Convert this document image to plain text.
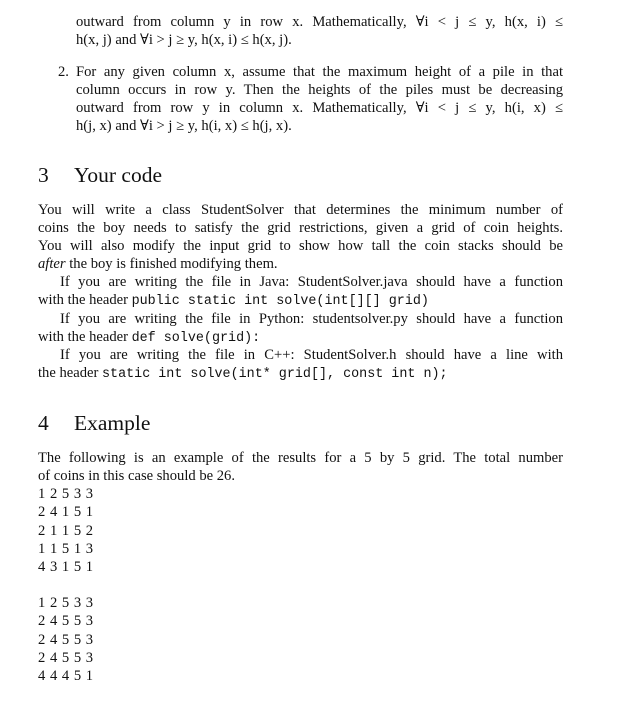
outward from column y in row x. Mathematically, ∀i < j ≤ y, h(x, i) ≤
h(x, j) and ∀i > j ≥ y, h(x, i) ≤ h(x, j).
2. For any given column x, assume that the maximum height of a pile in that
column occurs in row y. Then the heights of the piles must be decreasing
outward from row y in column x. Mathematically, ∀i < j ≤ y, h(i, x) ≤
h(j, x) and ∀i > j ≥ y, h(i, x) ≤ h(j, x).
3 Your code
You will write a class StudentSolver that determines the minimum number of
coins the boy needs to satisfy the grid restrictions, given a grid of coin heights.
You will also modify the input grid to show how tall the coin stacks should be
after the boy is finished modifying them.
If you are writing the file in Java: StudentSolver.java should have a function
with the header public static int solve(int[][] grid)
If you are writing the file in Python: studentsolver.py should have a function
with the header def solve(grid):
If you are writing the file in C++: StudentSolver.h should have a line with
the header static int solve(int* grid[], const int n);
4 Example
The following is an example of the results for a 5 by 5 grid. The total number
of coins in this case should be 26.
1 2 5 3 3
2 4 1 5 1
2 1 1 5 2
1 1 5 1 3
4 3 1 5 1
1 2 5 3 3
2 4 5 5 3
2 4 5 5 3
2 4 5 5 3
4 4 4 5 1
